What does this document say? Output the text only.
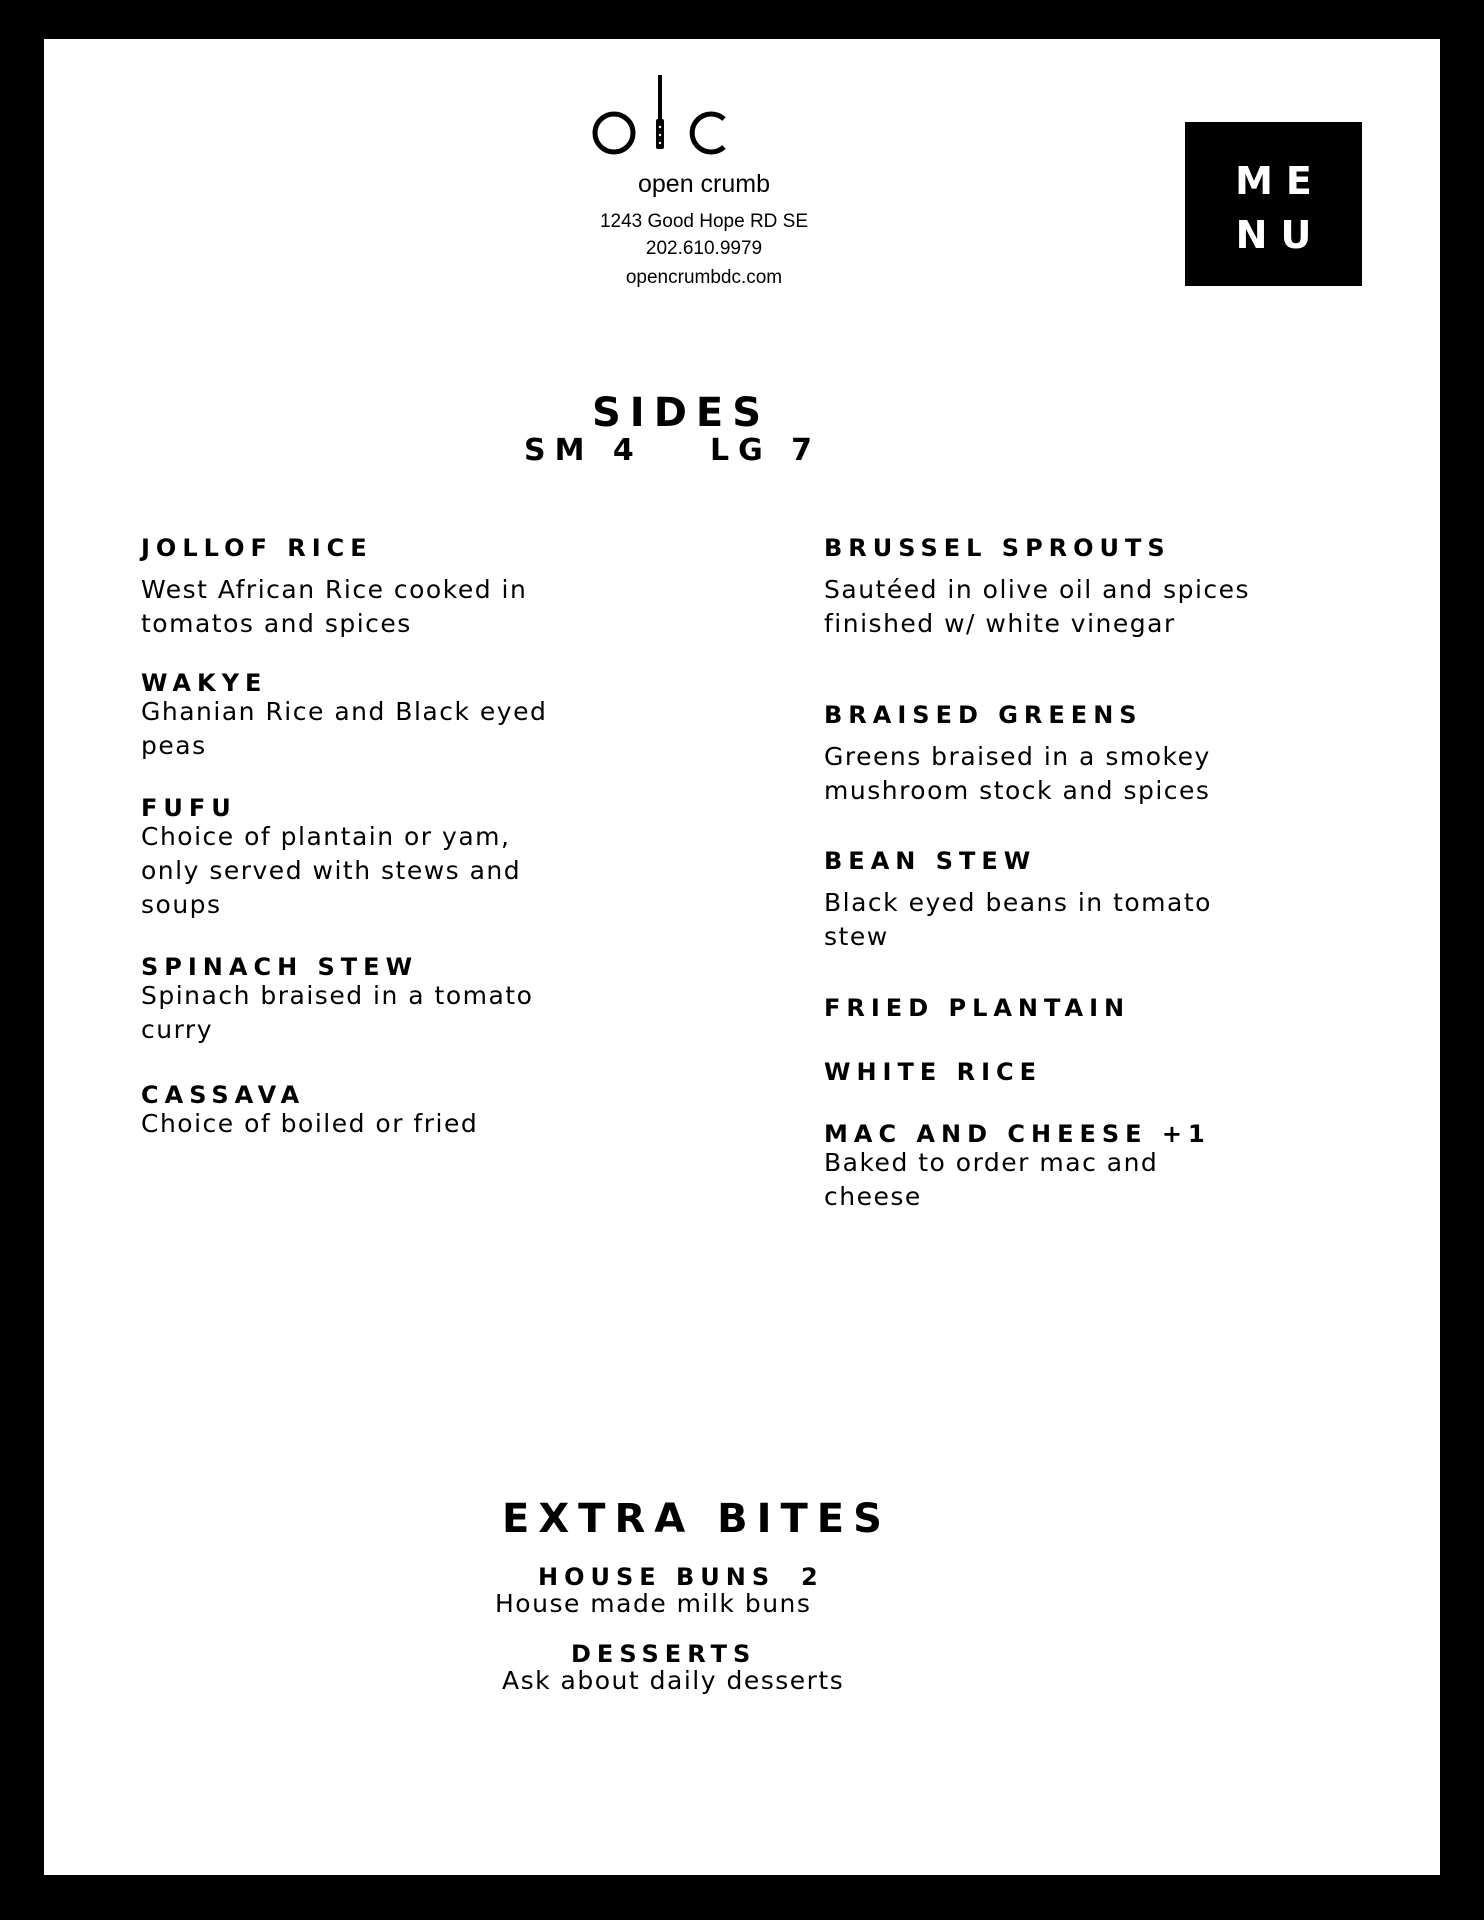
open crumb
1243 Good Hope RD SE
202.610.9979
opencrumbdc.com
ME
NU
SIDES
SM 4 LG 7
JOLLOF RICE
West African Rice cooked in tomatos and spices
WAKYE
Ghanian Rice and Black eyed peas
FUFU
Choice of plantain or yam, only served with stews and soups
SPINACH STEW
Spinach braised in a tomato curry
CASSAVA
Choice of boiled or fried
BRUSSEL SPROUTS
Sautéed in olive oil and spices finished w/ white vinegar
BRAISED GREENS
Greens braised in a smokey mushroom stock and spices
BEAN STEW
Black eyed beans in tomato stew
FRIED PLANTAIN
WHITE RICE
MAC AND CHEESE +1
Baked to order mac and cheese
EXTRA BITES
HOUSE BUNS 2
House made milk buns
DESSERTS
Ask about daily desserts
